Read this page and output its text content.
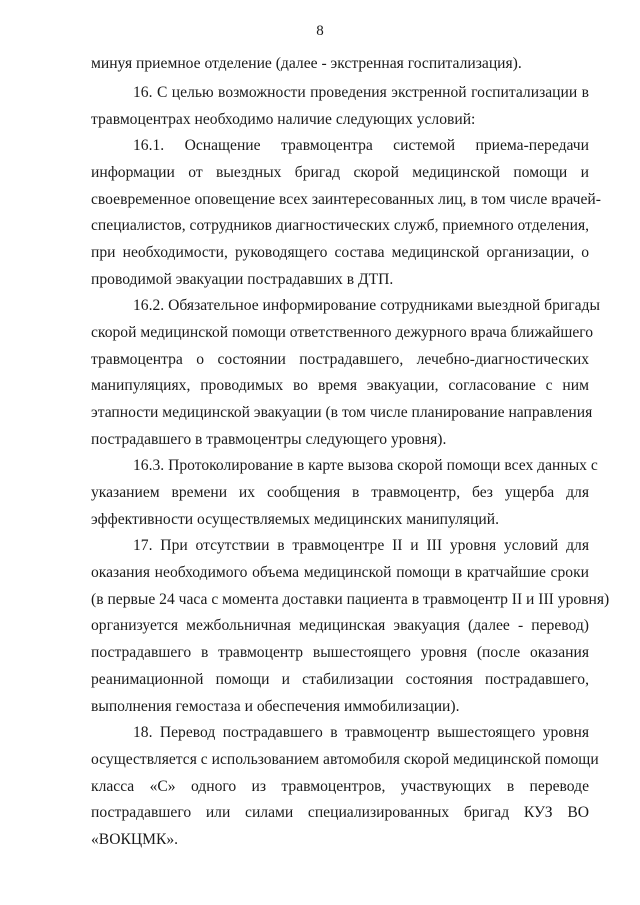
8
минуя приемное отделение (далее - экстренная госпитализация).
16. С целью возможности проведения экстренной госпитализации в
травмоцентрах необходимо наличие следующих условий:
16.1. Оснащение травмоцентра системой приема-передачи
информации от выездных бригад скорой медицинской помощи и
своевременное оповещение всех заинтересованных лиц, в том числе врачей-
специалистов, сотрудников диагностических служб, приемного отделения,
при необходимости, руководящего состава медицинской организации, о
проводимой эвакуации пострадавших в ДТП.
16.2. Обязательное информирование сотрудниками выездной бригады
скорой медицинской помощи ответственного дежурного врача ближайшего
травмоцентра о состоянии пострадавшего, лечебно-диагностических
манипуляциях, проводимых во время эвакуации, согласование с ним
этапности медицинской эвакуации (в том числе планирование направления
пострадавшего в травмоцентры следующего уровня).
16.3. Протоколирование в карте вызова скорой помощи всех данных с
указанием времени их сообщения в травмоцентр, без ущерба для
эффективности осуществляемых медицинских манипуляций.
17. При отсутствии в травмоцентре II и III уровня условий для
оказания необходимого объема медицинской помощи в кратчайшие сроки
(в первые 24 часа с момента доставки пациента в травмоцентр II и III уровня)
организуется межбольничная медицинская эвакуация (далее - перевод)
пострадавшего в травмоцентр вышестоящего уровня (после оказания
реанимационной помощи и стабилизации состояния пострадавшего,
выполнения гемостаза и обеспечения иммобилизации).
18. Перевод пострадавшего в травмоцентр вышестоящего уровня
осуществляется с использованием автомобиля скорой медицинской помощи
класса «С» одного из травмоцентров, участвующих в переводе
пострадавшего или силами специализированных бригад КУЗ ВО
«ВОКЦМК».
